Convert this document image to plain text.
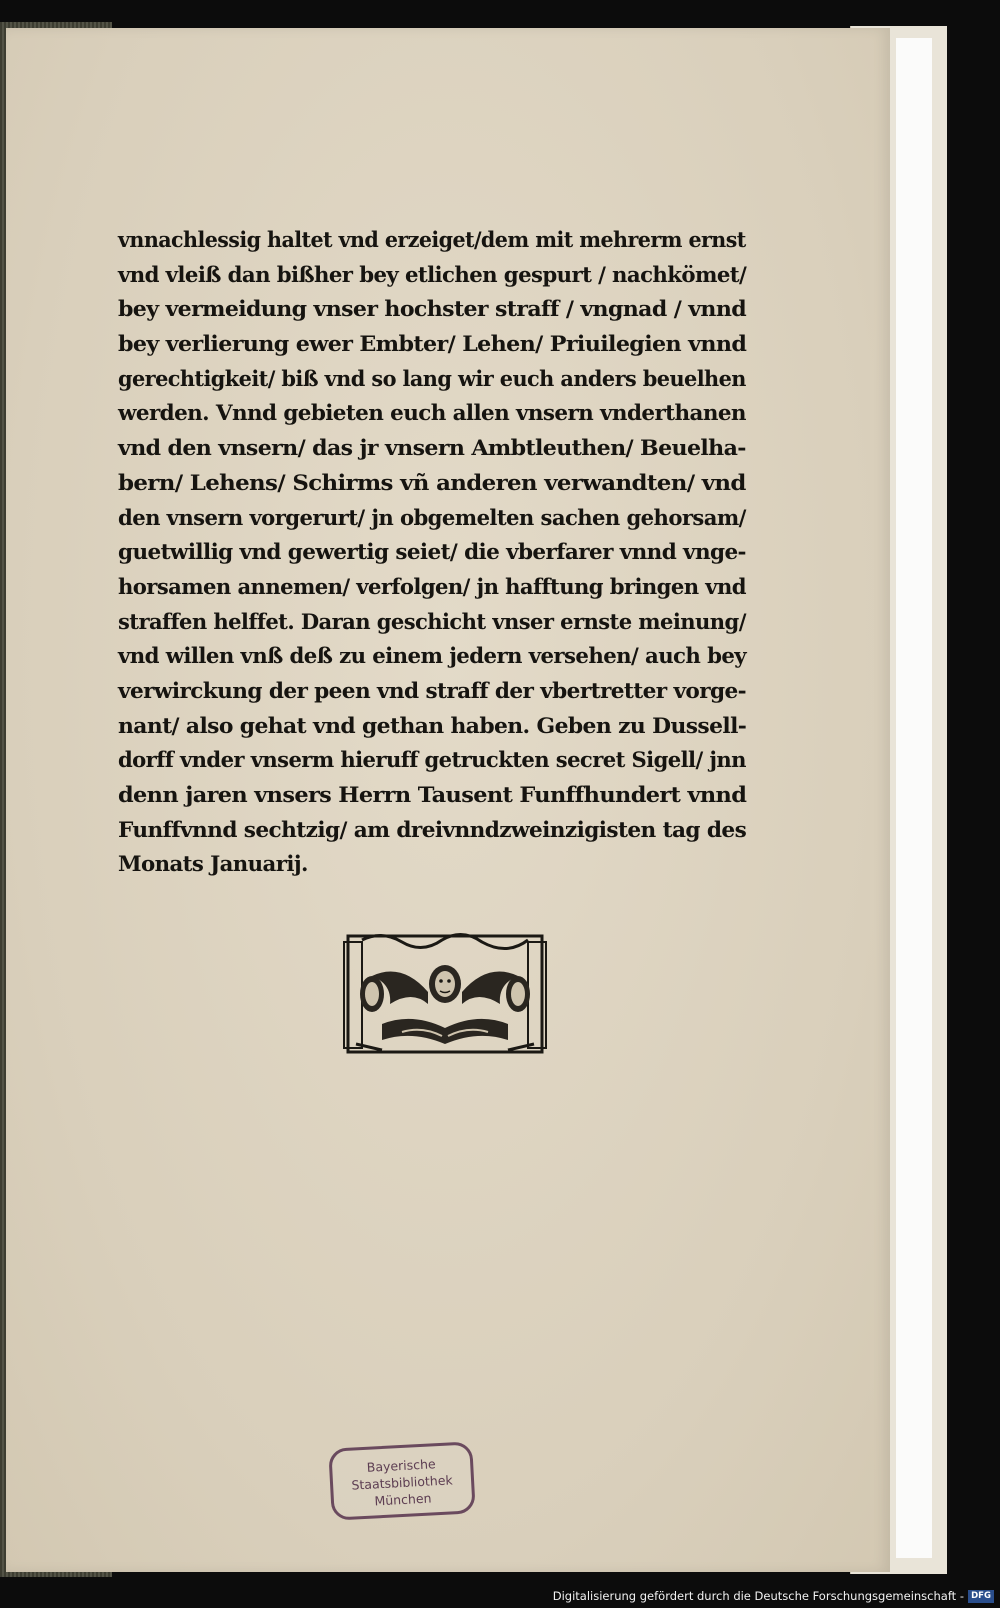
vnnachlessig haltet vnd erzeiget/dem mit mehrerm ernst
vnd vleiß dan bißher bey etlichen gespurt / nachkömet/
bey vermeidung vnser hochster straff / vngnad / vnnd
bey verlierung ewer Embter/ Lehen/ Priuilegien vnnd
gerechtigkeit/ biß vnd so lang wir euch anders beuelhen
werden. Vnnd gebieten euch allen vnsern vnderthanen
vnd den vnsern/ das jr vnsern Ambtleuthen/ Beuelha-
bern/ Lehens/ Schirms vñ anderen verwandten/ vnd
den vnsern vorgerurt/ jn obgemelten sachen gehorsam/
guetwillig vnd gewertig seiet/ die vberfarer vnnd vnge-
horsamen annemen/ verfolgen/ jn hafftung bringen vnd
straffen helffet. Daran geschicht vnser ernste meinung/
vnd willen vnß deß zu einem jedern versehen/ auch bey
verwirckung der peen vnd straff der vbertretter vorge-
nant/ also gehat vnd gethan haben. Geben zu Dussell-
dorff vnder vnserm hieruff getruckten secret Sigell/ jnn
denn jaren vnsers Herrn Tausent Funffhundert vnnd
Funffvnnd sechtzig/ am dreivnndzweinzigisten tag des
Monats Januarij.
Bayerische
Staatsbibliothek
München
Digitalisierung gefördert durch die Deutsche Forschungsgemeinschaft - DFG
